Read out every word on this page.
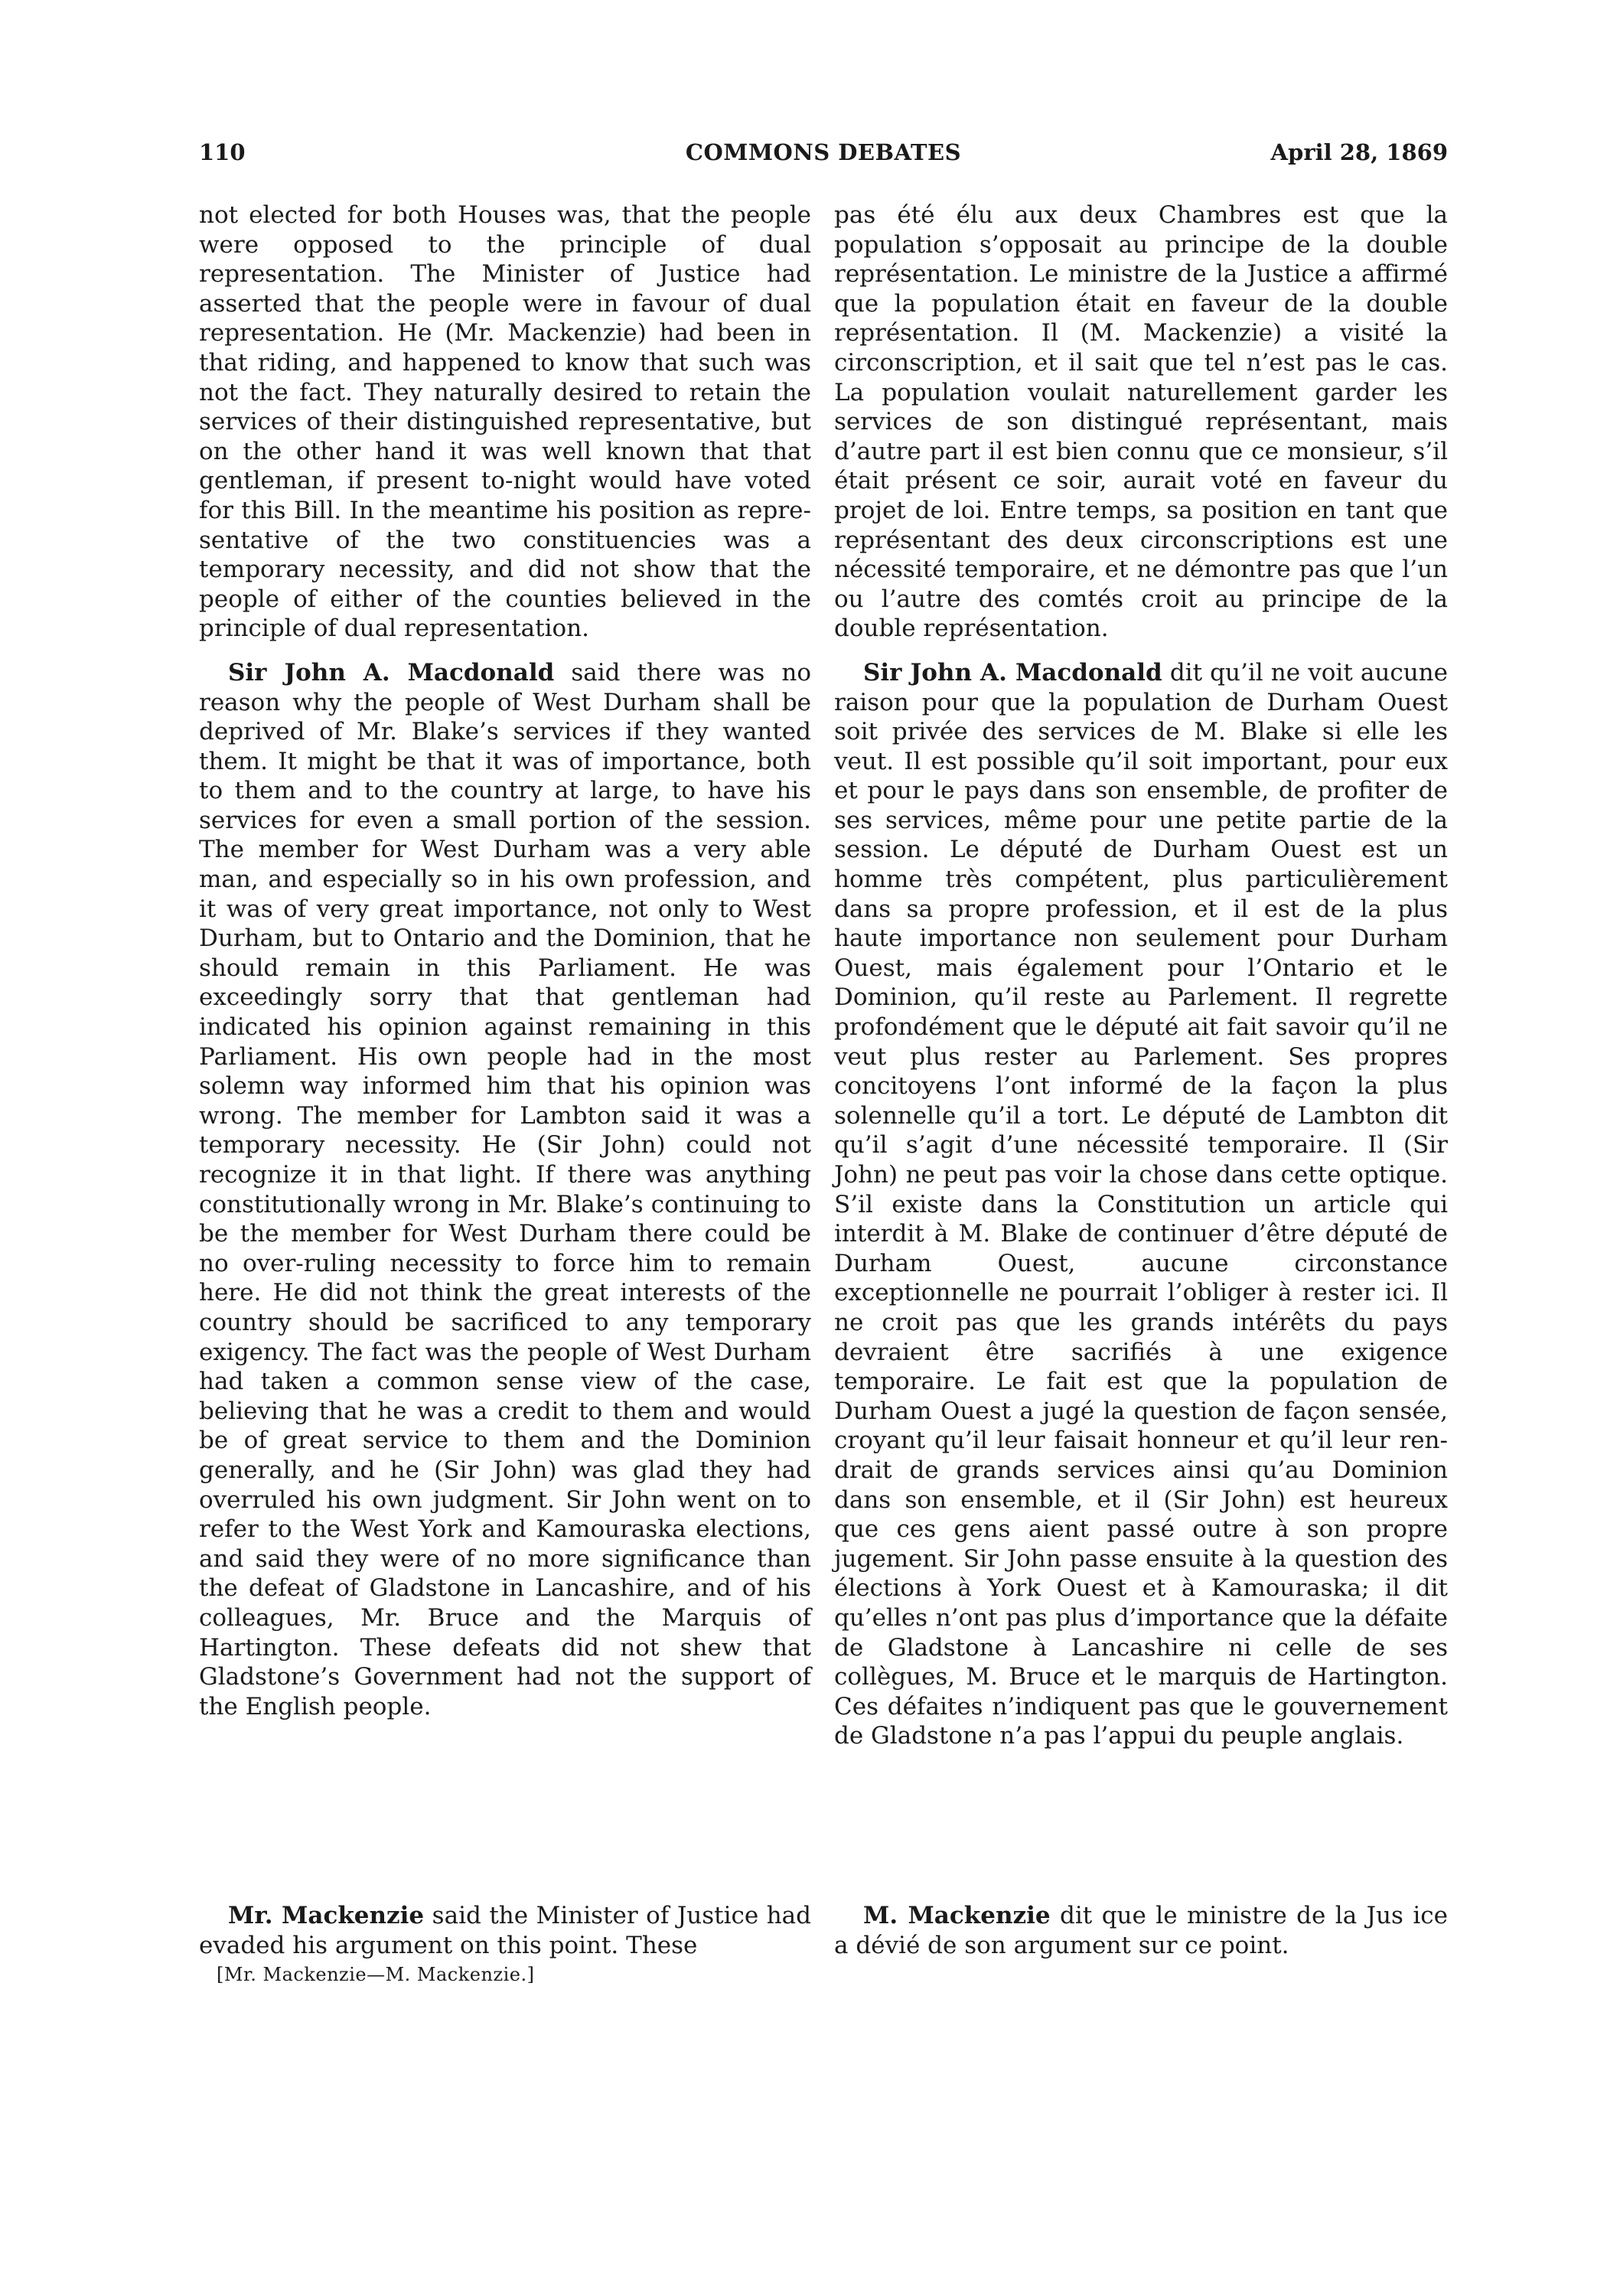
110	COMMONS DEBATES	April 28, 1869

not elected for both Houses was, that the people were opposed to the principle of dual representation. The Minister of Justice had asserted that the people were in favour of dual representation. He (Mr. Mackenzie) had been in that riding, and happened to know that such was not the fact. They naturally desired to retain the services of their distinguished representative, but on the other hand it was well known that that gentleman, if present to-night would have voted for this Bill. In the meantime his position as representative of the two constituencies was a temporary necessity, and did not show that the people of either of the counties believed in the principle of dual representation.

Sir John A. Macdonald said there was no reason why the people of West Durham shall be deprived of Mr. Blake’s services if they wanted them. It might be that it was of importance, both to them and to the country at large, to have his services for even a small portion of the session. The member for West Durham was a very able man, and especially so in his own profession, and it was of very great importance, not only to West Durham, but to Ontario and the Dominion, that he should remain in this Parliament. He was exceedingly sorry that that gentleman had indicated his opinion against remaining in this Parliament. His own people had in the most solemn way informed him that his opinion was wrong. The member for Lambton said it was a temporary necessity. He (Sir John) could not recognize it in that light. If there was anything constitutionally wrong in Mr. Blake’s continuing to be the member for West Durham there could be no over-ruling necessity to force him to remain here. He did not think the great interests of the country should be sacrificed to any temporary exigency. The fact was the people of West Durham had taken a common sense view of the case, believing that he was a credit to them and would be of great service to them and the Dominion generally, and he (Sir John) was glad they had overruled his own judgment. Sir John went on to refer to the West York and Kamouraska elections, and said they were of no more significance than the defeat of Gladstone in Lancashire, and of his colleagues, Mr. Bruce and the Marquis of Hartington. These defeats did not shew that Gladstone’s Government had not the support of the English people.

pas été élu aux deux Chambres est que la population s’opposait au principe de la double représentation. Le ministre de la Justice a affirmé que la population était en faveur de la double représentation. Il (M. Mackenzie) a visité la circonscription, et il sait que tel n’est pas le cas. La population voulait naturellement garder les services de son distingué représentant, mais d’autre part il est bien connu que ce monsieur, s’il était présent ce soir, aurait voté en faveur du projet de loi. Entre temps, sa position en tant que représentant des deux circonscriptions est une nécessité temporaire, et ne démontre pas que l’un ou l’autre des comtés croit au principe de la double représentation.

Sir John A. Macdonald dit qu’il ne voit aucune raison pour que la population de Durham Ouest soit privée des services de M. Blake si elle les veut. Il est possible qu’il soit important, pour eux et pour le pays dans son ensemble, de profiter de ses services, même pour une petite partie de la session. Le député de Durham Ouest est un homme très compétent, plus particulièrement dans sa propre profession, et il est de la plus haute importance non seulement pour Durham Ouest, mais également pour l’Ontario et le Dominion, qu’il reste au Parlement. Il regrette profondément que le député ait fait savoir qu’il ne veut plus rester au Parlement. Ses propres concitoyens l’ont informé de la façon la plus solennelle qu’il a tort. Le député de Lambton dit qu’il s’agit d’une nécessité temporaire. Il (Sir John) ne peut pas voir la chose dans cette optique. S’il existe dans la Constitution un article qui interdit à M. Blake de continuer d’être député de Durham Ouest, aucune circonstance exceptionnelle ne pourrait l’obliger à rester ici. Il ne croit pas que les grands intérêts du pays devraient être sacrifiés à une exigence temporaire. Le fait est que la population de Durham Ouest a jugé la question de façon sensée, croyant qu’il leur faisait honneur et qu’il leur rendrait de grands services ainsi qu’au Dominion dans son ensemble, et il (Sir John) est heureux que ces gens aient passé outre à son propre jugement. Sir John passe ensuite à la question des élections à York Ouest et à Kamouraska; il dit qu’elles n’ont pas plus d’importance que la défaite de Gladstone à Lancashire ni celle de ses collègues, M. Bruce et le marquis de Hartington. Ces défaites n’indiquent pas que le gouvernement de Gladstone n’a pas l’appui du peuple anglais.

Mr. Mackenzie said the Minister of Justice had evaded his argument on this point. These

M. Mackenzie dit que le ministre de la Jus ice a dévié de son argument sur ce point.

[Mr. Mackenzie—M. Mackenzie.]
